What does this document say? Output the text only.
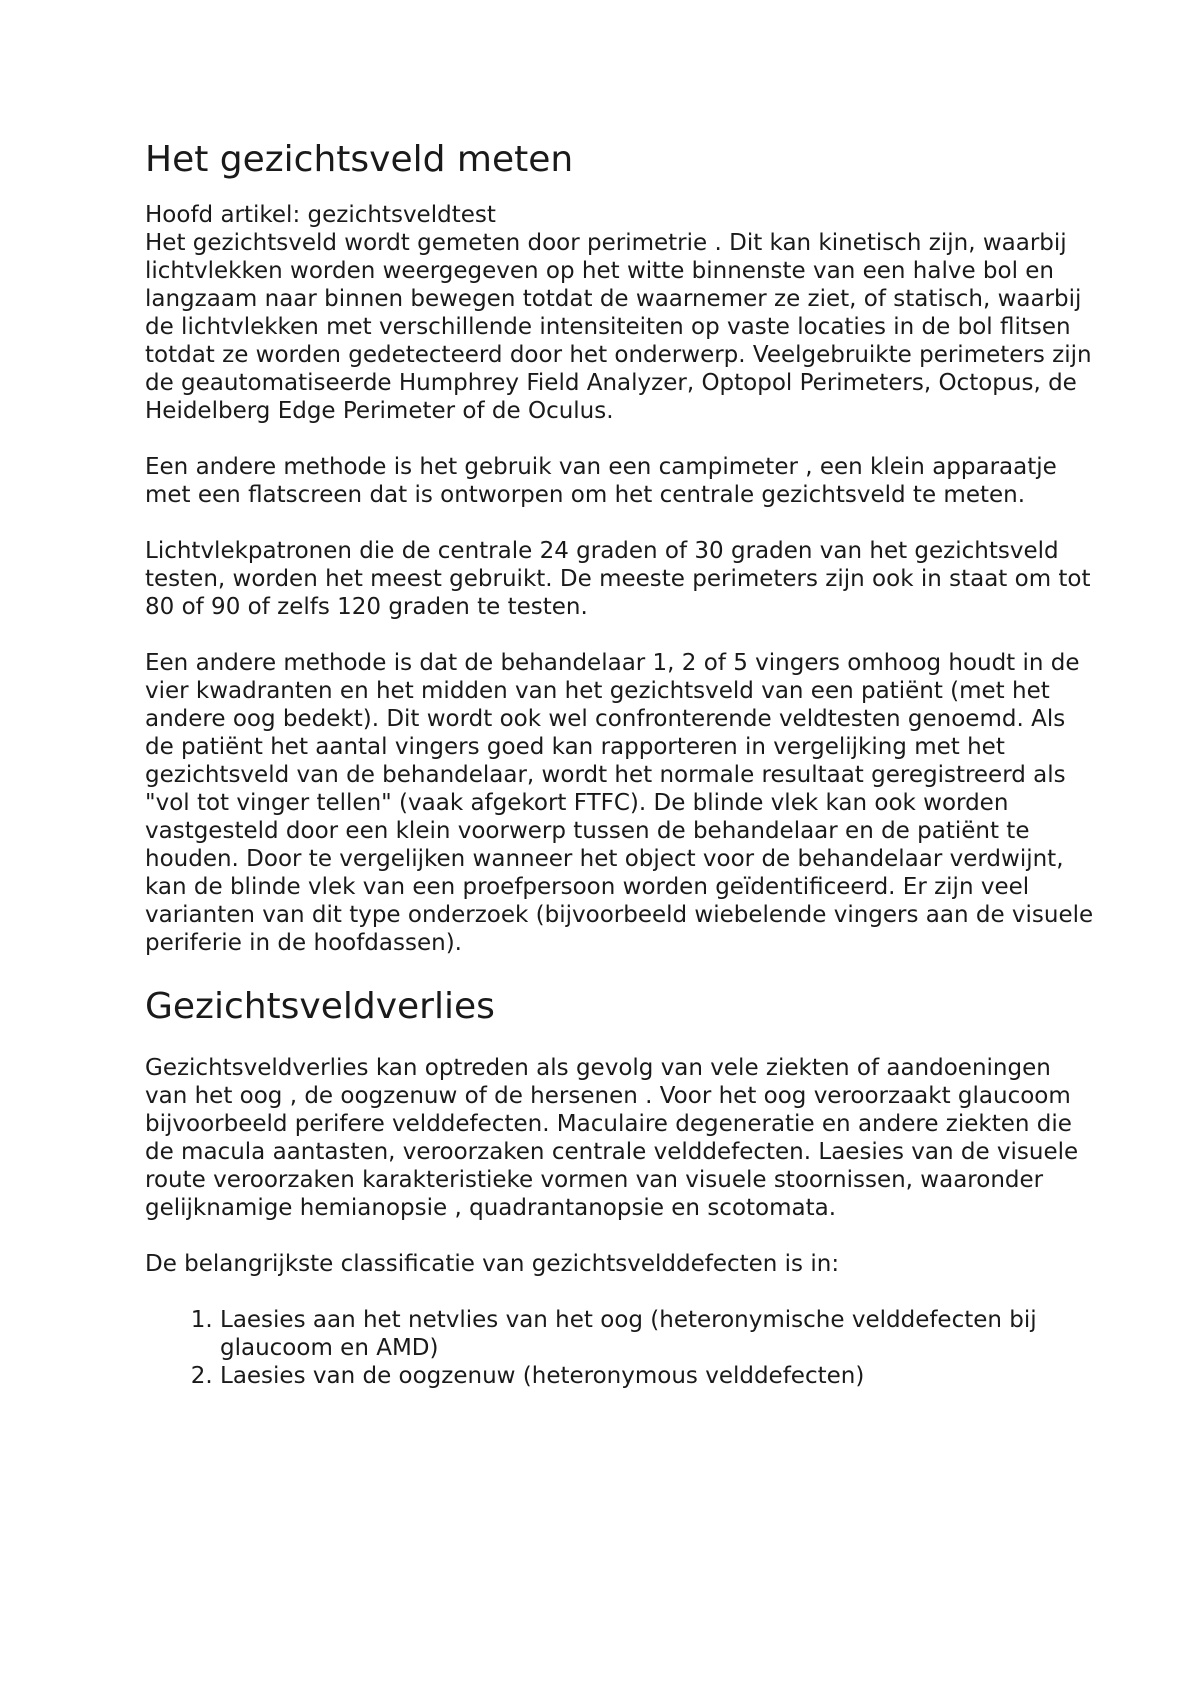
Het gezichtsveld meten

Hoofd artikel: gezichtsveldtest

Het gezichtsveld wordt gemeten door perimetrie . Dit kan kinetisch zijn, waarbij lichtvlekken worden weergegeven op het witte binnenste van een halve bol en langzaam naar binnen bewegen totdat de waarnemer ze ziet, of statisch, waarbij de lichtvlekken met verschillende intensiteiten op vaste locaties in de bol flitsen totdat ze worden gedetecteerd door het onderwerp. Veelgebruikte perimeters zijn de geautomatiseerde Humphrey Field Analyzer, Optopol Perimeters, Octopus, de Heidelberg Edge Perimeter of de Oculus.

Een andere methode is het gebruik van een campimeter , een klein apparaatje met een flatscreen dat is ontworpen om het centrale gezichtsveld te meten.

Lichtvlekpatronen die de centrale 24 graden of 30 graden van het gezichtsveld testen, worden het meest gebruikt. De meeste perimeters zijn ook in staat om tot 80 of 90 of zelfs 120 graden te testen.

Een andere methode is dat de behandelaar 1, 2 of 5 vingers omhoog houdt in de vier kwadranten en het midden van het gezichtsveld van een patiënt (met het andere oog bedekt). Dit wordt ook wel confronterende veldtesten genoemd. Als de patiënt het aantal vingers goed kan rapporteren in vergelijking met het gezichtsveld van de behandelaar, wordt het normale resultaat geregistreerd als "vol tot vinger tellen" (vaak afgekort FTFC). De blinde vlek kan ook worden vastgesteld door een klein voorwerp tussen de behandelaar en de patiënt te houden. Door te vergelijken wanneer het object voor de behandelaar verdwijnt, kan de blinde vlek van een proefpersoon worden geïdentificeerd. Er zijn veel varianten van dit type onderzoek (bijvoorbeeld wiebelende vingers aan de visuele periferie in de hoofdassen).

Gezichtsveldverlies

Gezichtsveldverlies kan optreden als gevolg van vele ziekten of aandoeningen van het oog , de oogzenuw of de hersenen . Voor het oog veroorzaakt glaucoom bijvoorbeeld perifere velddefecten. Maculaire degeneratie en andere ziekten die de macula aantasten, veroorzaken centrale velddefecten. Laesies van de visuele route veroorzaken karakteristieke vormen van visuele stoornissen, waaronder gelijknamige hemianopsie , quadrantanopsie en scotomata.

De belangrijkste classificatie van gezichtsvelddefecten is in:

1. Laesies aan het netvlies van het oog (heteronymische velddefecten bij glaucoom en AMD)
2. Laesies van de oogzenuw (heteronymous velddefecten)
